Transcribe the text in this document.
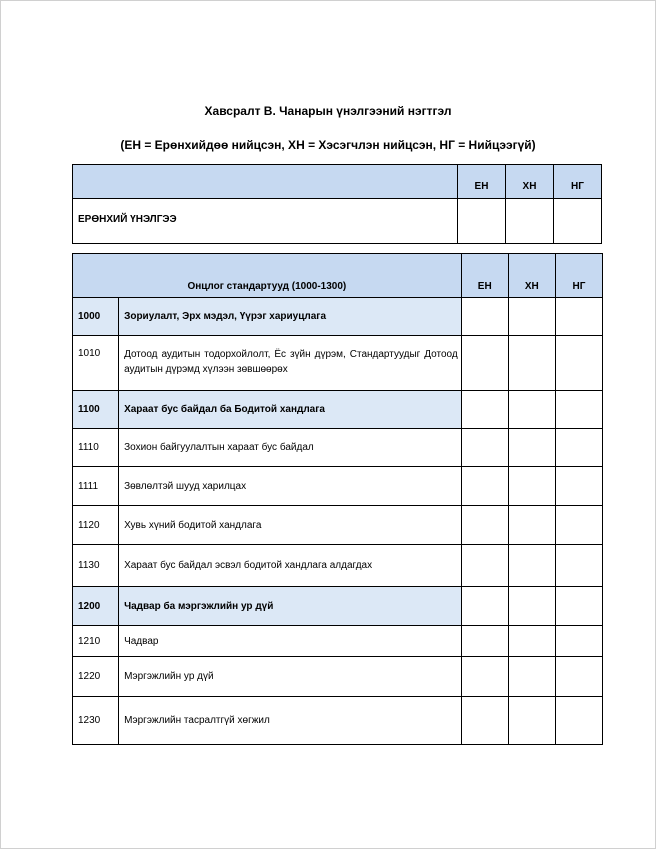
Хавсралт В. Чанарын үнэлгээний нэгтгэл

(ЕН = Ерөнхийдөө нийцсэн, ХН = Хэсэгчлэн нийцсэн, НГ = Нийцээгүй)

	ЕН	ХН	НГ
ЕРӨНХИЙ ҮНЭЛГЭЭ			
Онцлог стандартууд (1000-1300)		ЕН	ХН	НГ
1000	Зориулалт, Эрх мэдэл, Үүрэг хариуцлага			
1010	Дотоод аудитын тодорхойлолт, Ёс зүйн дүрэм, Стандартуудыг Дотоод аудитын дүрэмд хүлээн зөвшөөрөх			
1100	Хараат бус байдал ба Бодитой хандлага			
1110	Зохион байгуулалтын хараат бус байдал			
1111	Зөвлөлтэй шууд харилцах			
1120	Хувь хүний бодитой хандлага			
1130	Хараат бус байдал эсвэл бодитой хандлага алдагдах			
1200	Чадвар ба мэргэжлийн ур дүй			
1210	Чадвар			
1220	Мэргэжлийн ур дүй			
1230	Мэргэжлийн тасралтгүй хөгжил			
